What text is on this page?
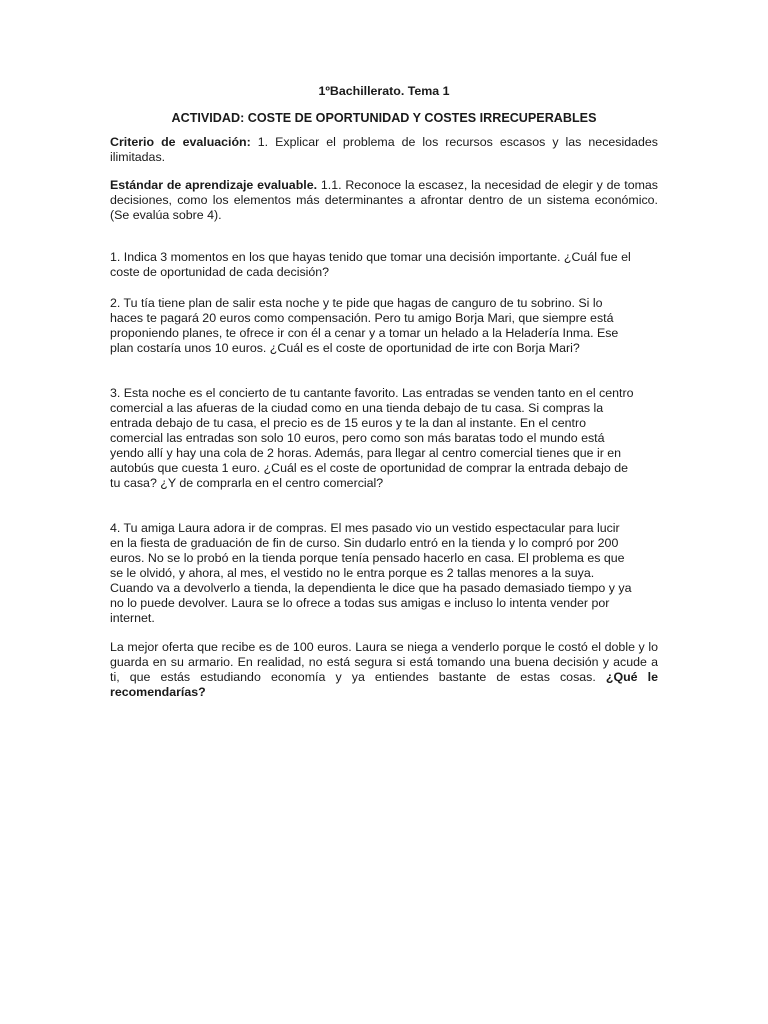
1ºBachillerato. Tema 1

ACTIVIDAD: COSTE DE OPORTUNIDAD Y COSTES IRRECUPERABLES

Criterio de evaluación: 1. Explicar el problema de los recursos escasos y las necesidades ilimitadas.

Estándar de aprendizaje evaluable. 1.1. Reconoce la escasez, la necesidad de elegir y de tomas decisiones, como los elementos más determinantes a afrontar dentro de un sistema económico. (Se evalúa sobre 4).

1. Indica 3 momentos en los que hayas tenido que tomar una decisión importante. ¿Cuál fue el

coste de oportunidad de cada decisión?

2. Tu tía tiene plan de salir esta noche y te pide que hagas de canguro de tu sobrino. Si lo

haces te pagará 20 euros como compensación. Pero tu amigo Borja Mari, que siempre está

proponiendo planes, te ofrece ir con él a cenar y a tomar un helado a la Heladería Inma. Ese

plan costaría unos 10 euros. ¿Cuál es el coste de oportunidad de irte con Borja Mari?

3. Esta noche es el concierto de tu cantante favorito. Las entradas se venden tanto en el centro

comercial a las afueras de la ciudad como en una tienda debajo de tu casa. Si compras la

entrada debajo de tu casa, el precio es de 15 euros y te la dan al instante. En el centro

comercial las entradas son solo 10 euros, pero como son más baratas todo el mundo está

yendo allí y hay una cola de 2 horas. Además, para llegar al centro comercial tienes que ir en

autobús que cuesta 1 euro. ¿Cuál es el coste de oportunidad de comprar la entrada debajo de

tu casa? ¿Y de comprarla en el centro comercial?

4. Tu amiga Laura adora ir de compras. El mes pasado vio un vestido espectacular para lucir

en la fiesta de graduación de fin de curso. Sin dudarlo entró en la tienda y lo compró por 200

euros. No se lo probó en la tienda porque tenía pensado hacerlo en casa. El problema es que

se le olvidó, y ahora, al mes, el vestido no le entra porque es 2 tallas menores a la suya.

Cuando va a devolverlo a tienda, la dependienta le dice que ha pasado demasiado tiempo y ya

no lo puede devolver. Laura se lo ofrece a todas sus amigas e incluso lo intenta vender por

internet.

La mejor oferta que recibe es de 100 euros. Laura se niega a venderlo porque le costó el doble y lo guarda en su armario. En realidad, no está segura si está tomando una buena decisión y acude a ti, que estás estudiando economía y ya entiendes bastante de estas cosas. ¿Qué le recomendarías?
